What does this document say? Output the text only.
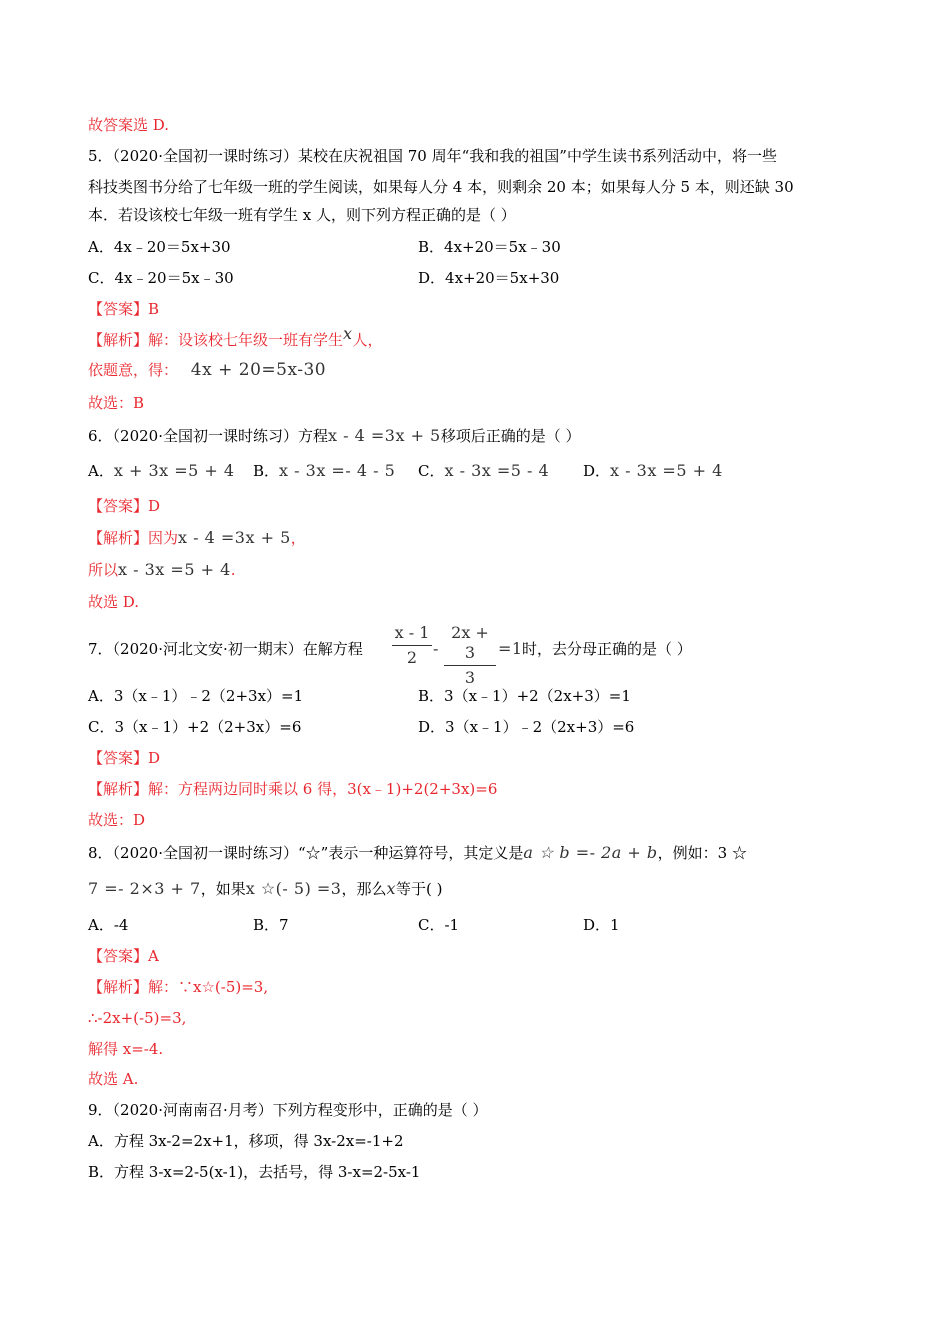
故答案选 D.
5．（2020·全国初一课时练习）某校在庆祝祖国 70 周年“我和我的祖国”中学生读书系列活动中，将一些
科技类图书分给了七年级一班的学生阅读，如果每人分 4 本，则剩余 20 本；如果每人分 5 本，则还缺 30
本．若设该校七年级一班有学生 x 人，则下列方程正确的是（ ）
A．4x﹣20＝5x+30	B．4x+20＝5x﹣30
C．4x﹣20＝5x﹣30	D．4x+20＝5x+30
【答案】B
【解析】解：设该校七年级一班有学生x人，
依题意，得： 4x + 20=5x-30
故选：B
6．（2020·全国初一课时练习）方程x - 4 =3x + 5移项后正确的是（ ）
A．x + 3x =5 + 4 B．x - 3x =- 4 - 5 C．x - 3x =5 - 4 D．x - 3x =5 + 4
【答案】D
【解析】因为x - 4 =3x + 5，
所以x - 3x =5 + 4.
故选 D.
7．（2020·河北文安·初一期末）在解方程
x - 1
2 -
2x + 3
3
=1 时，去分母正确的是（ ）
A．3（x﹣1）﹣2（2+3x）=1	B．3（x﹣1）+2（2x+3）=1
C．3（x﹣1）+2（2+3x）=6	D．3（x﹣1）﹣2（2x+3）=6
【答案】D
【解析】解：方程两边同时乘以 6 得，3(x﹣1)+2(2+3x)=6
故选：D
8．（2020·全国初一课时练习）“☆”表示一种运算符号，其定义是a ☆ b =- 2a + b，例如：3 ☆
7 =- 2×3 + 7，如果x ☆(- 5) =3，那么x等于( )
A．-4	B．7	C．-1	D．1
【答案】A
【解析】解：∵x☆(-5)=3,
∴-2x+(-5)=3,
解得 x=-4.
故选 A.
9．（2020·河南南召·月考）下列方程变形中，正确的是（ ）
A．方程 3x-2=2x+1，移项，得 3x-2x=-1+2
B．方程 3-x=2-5(x-1)，去括号，得 3-x=2-5x-1
